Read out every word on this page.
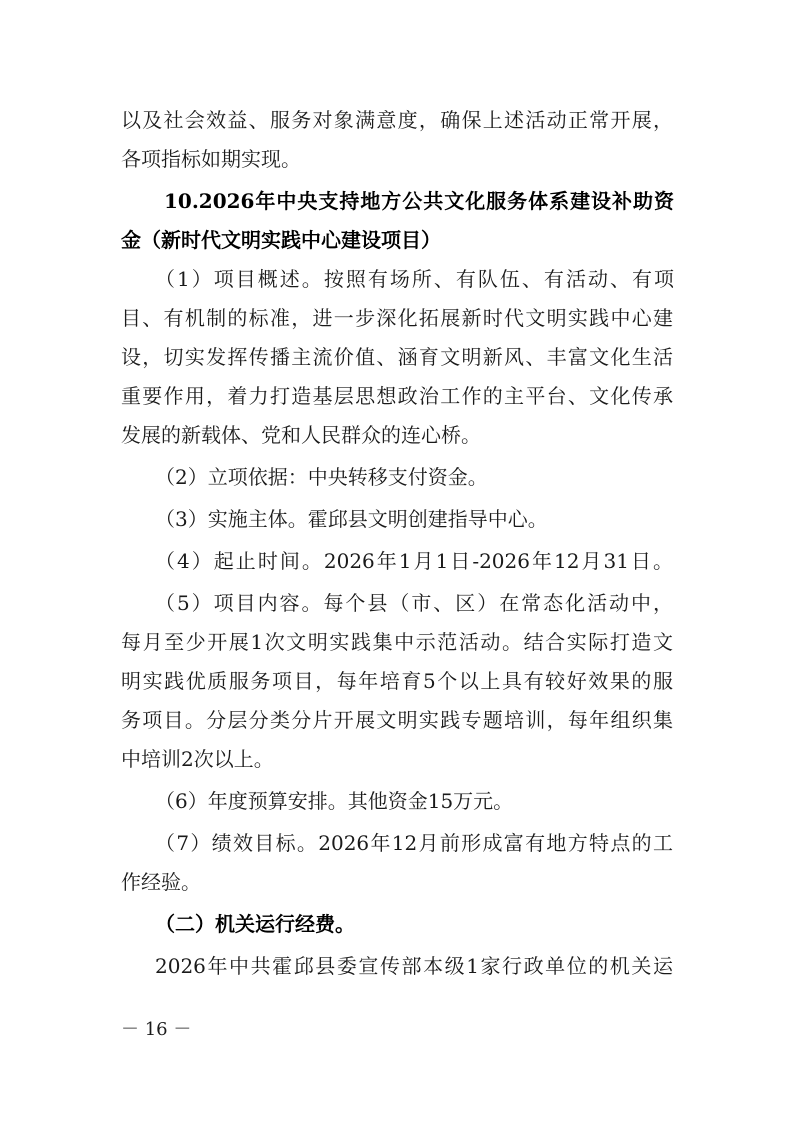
以及社会效益、服务对象满意度，确保上述活动正常开展，
各项指标如期实现。
10.2026年中央支持地方公共文化服务体系建设补助资
金（新时代文明实践中心建设项目）
（1）项目概述。按照有场所、有队伍、有活动、有项
目、有机制的标准，进一步深化拓展新时代文明实践中心建
设，切实发挥传播主流价值、涵育文明新风、丰富文化生活
重要作用，着力打造基层思想政治工作的主平台、文化传承
发展的新载体、党和人民群众的连心桥。
（2）立项依据：中央转移支付资金。
（3）实施主体。霍邱县文明创建指导中心。
（4）起止时间。2026年1月1日-2026年12月31日。
（5）项目内容。每个县（市、区）在常态化活动中，
每月至少开展1次文明实践集中示范活动。结合实际打造文
明实践优质服务项目，每年培育5个以上具有较好效果的服
务项目。分层分类分片开展文明实践专题培训，每年组织集
中培训2次以上。
（6）年度预算安排。其他资金15万元。
（7）绩效目标。2026年12月前形成富有地方特点的工
作经验。
（二）机关运行经费。
2026年中共霍邱县委宣传部本级1家行政单位的机关运
－ 16 －
